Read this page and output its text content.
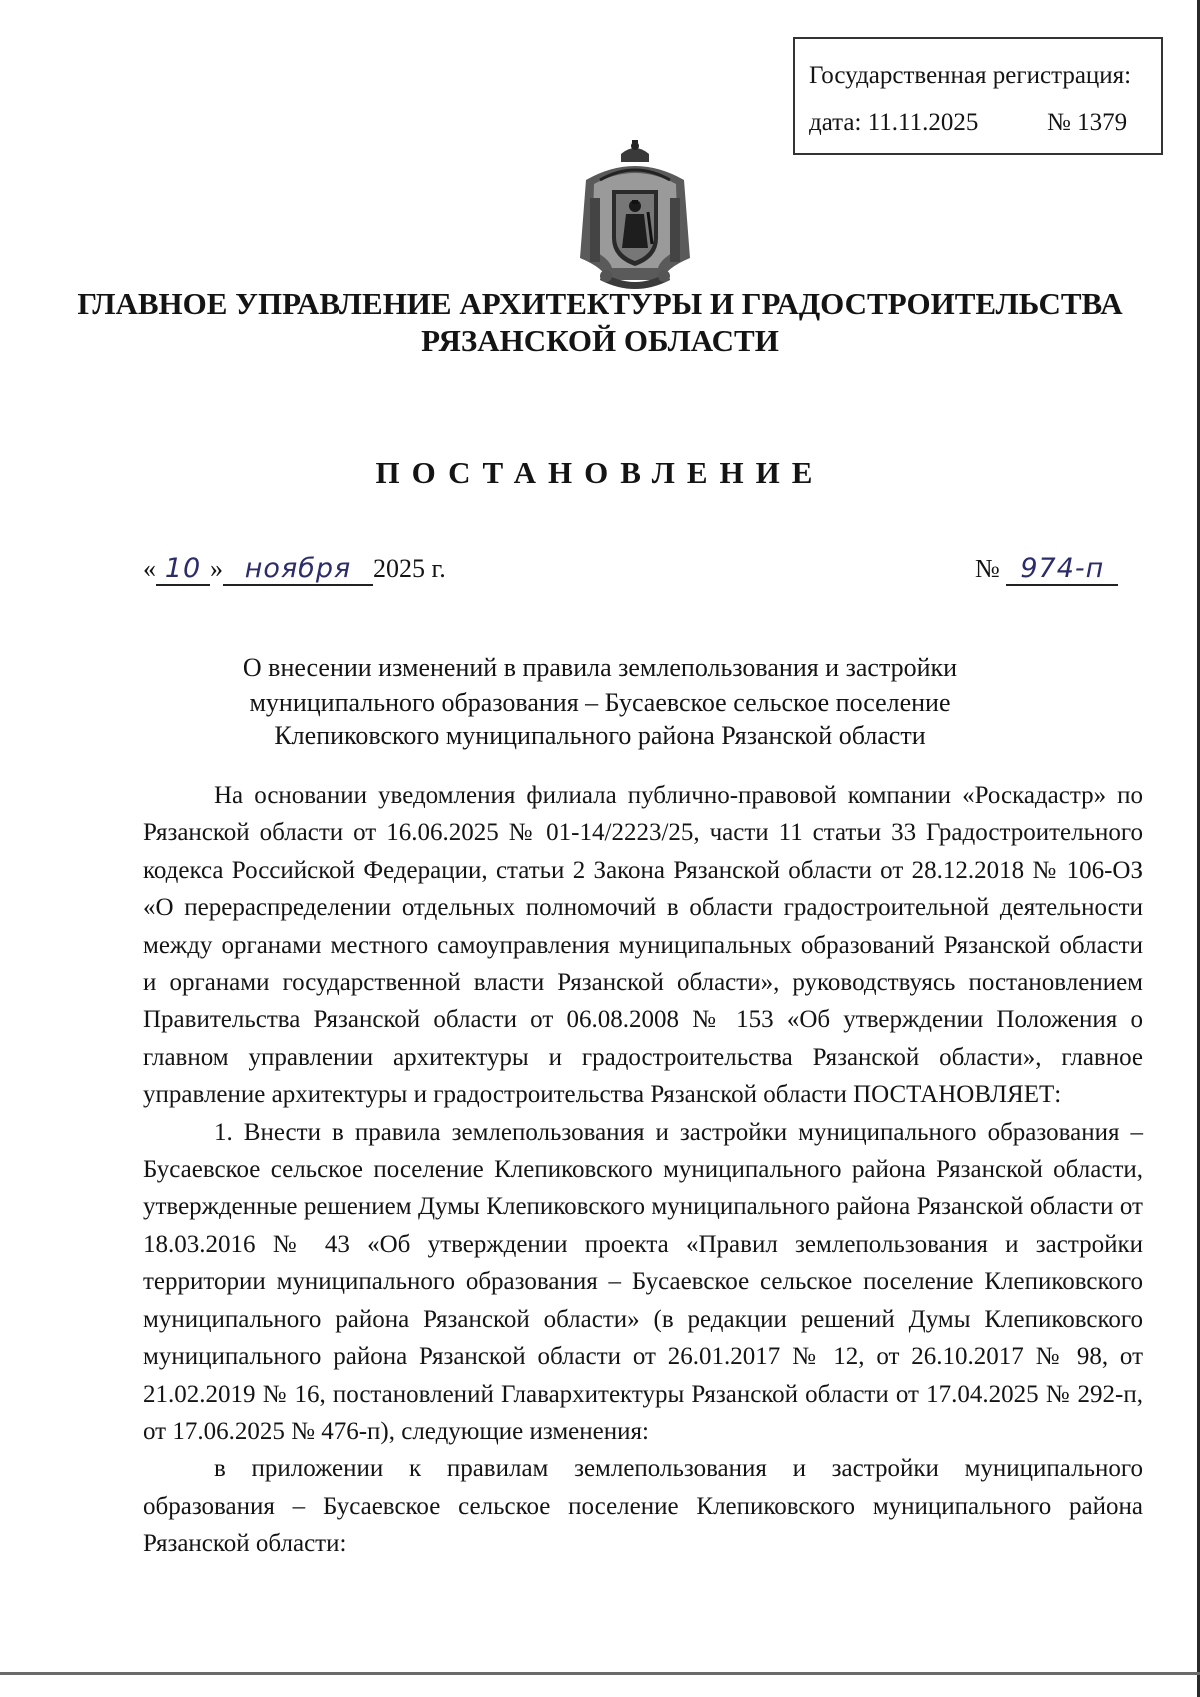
Государственная регистрация:
дата: 11.11.2025	№ 1379
ГЛАВНОЕ УПРАВЛЕНИЕ АРХИТЕКТУРЫ И ГРАДОСТРОИТЕЛЬСТВА
РЯЗАНСКОЙ ОБЛАСТИ
ПОСТАНОВЛЕНИЕ
« 10 » ноября 2025 г.	№ 974-п
О внесении изменений в правила землепользования и застройки
муниципального образования – Бусаевское сельское поселение
Клепиковского муниципального района Рязанской области

На основании уведомления филиала публично-правовой компании «Роскадастр» по Рязанской области от 16.06.2025 № 01-14/2223/25, части 11 статьи 33 Градостроительного кодекса Российской Федерации, статьи 2 Закона Рязанской области от 28.12.2018 № 106-ОЗ «О перераспределении отдельных полномочий в области градостроительной деятельности между органами местного самоуправления муниципальных образований Рязанской области и органами государственной власти Рязанской области», руководствуясь постановлением Правительства Рязанской области от 06.08.2008 № 153 «Об утверждении Положения о главном управлении архитектуры и градостроительства Рязанской области», главное управление архитектуры и градостроительства Рязанской области ПОСТАНОВЛЯЕТ:

1. Внести в правила землепользования и застройки муниципального образования – Бусаевское сельское поселение Клепиковского муниципального района Рязанской области, утвержденные решением Думы Клепиковского муниципального района Рязанской области от 18.03.2016 № 43 «Об утверждении проекта «Правил землепользования и застройки территории муниципального образования – Бусаевское сельское поселение Клепиковского муниципального района Рязанской области» (в редакции решений Думы Клепиковского муниципального района Рязанской области от 26.01.2017 № 12, от 26.10.2017 № 98, от 21.02.2019 № 16, постановлений Главархитектуры Рязанской области от 17.04.2025 № 292-п, от 17.06.2025 № 476-п), следующие изменения:

в приложении к правилам землепользования и застройки муниципального образования – Бусаевское сельское поселение Клепиковского муниципального района Рязанской области:
